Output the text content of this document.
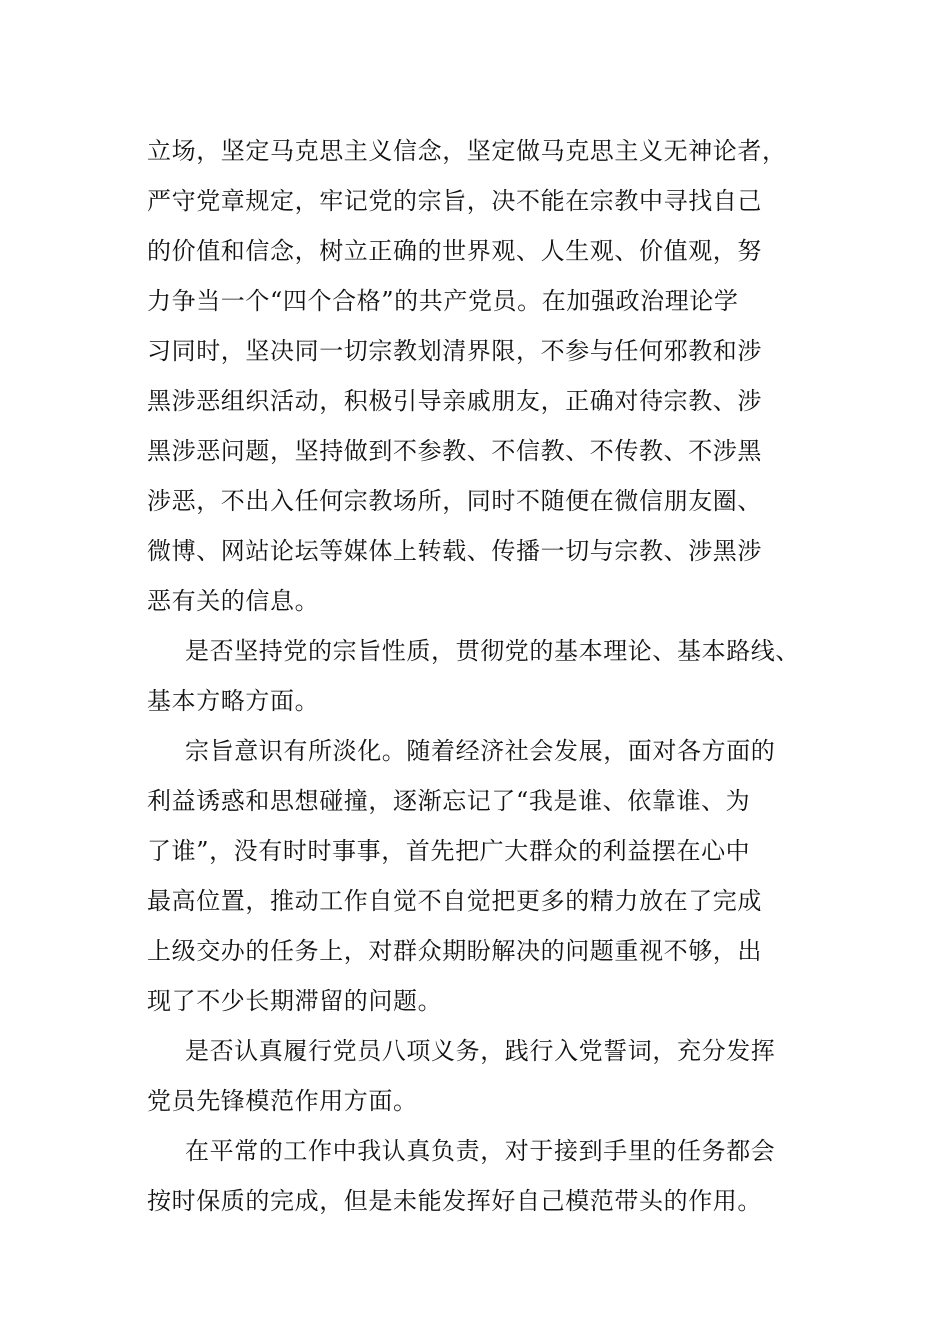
立场，坚定马克思主义信念，坚定做马克思主义无神论者，
严守党章规定，牢记党的宗旨，决不能在宗教中寻找自己
的价值和信念，树立正确的世界观、人生观、价值观，努
力争当一个“四个合格”的共产党员。在加强政治理论学
习同时，坚决同一切宗教划清界限，不参与任何邪教和涉
黑涉恶组织活动，积极引导亲戚朋友，正确对待宗教、涉
黑涉恶问题，坚持做到不参教、不信教、不传教、不涉黑
涉恶，不出入任何宗教场所，同时不随便在微信朋友圈、
微博、网站论坛等媒体上转载、传播一切与宗教、涉黑涉
恶有关的信息。
是否坚持党的宗旨性质，贯彻党的基本理论、基本路线、
基本方略方面。
宗旨意识有所淡化。随着经济社会发展，面对各方面的
利益诱惑和思想碰撞，逐渐忘记了“我是谁、依靠谁、为
了谁”，没有时时事事，首先把广大群众的利益摆在心中
最高位置，推动工作自觉不自觉把更多的精力放在了完成
上级交办的任务上，对群众期盼解决的问题重视不够，出
现了不少长期滞留的问题。
是否认真履行党员八项义务，践行入党誓词，充分发挥
党员先锋模范作用方面。
在平常的工作中我认真负责，对于接到手里的任务都会
按时保质的完成，但是未能发挥好自己模范带头的作用。
